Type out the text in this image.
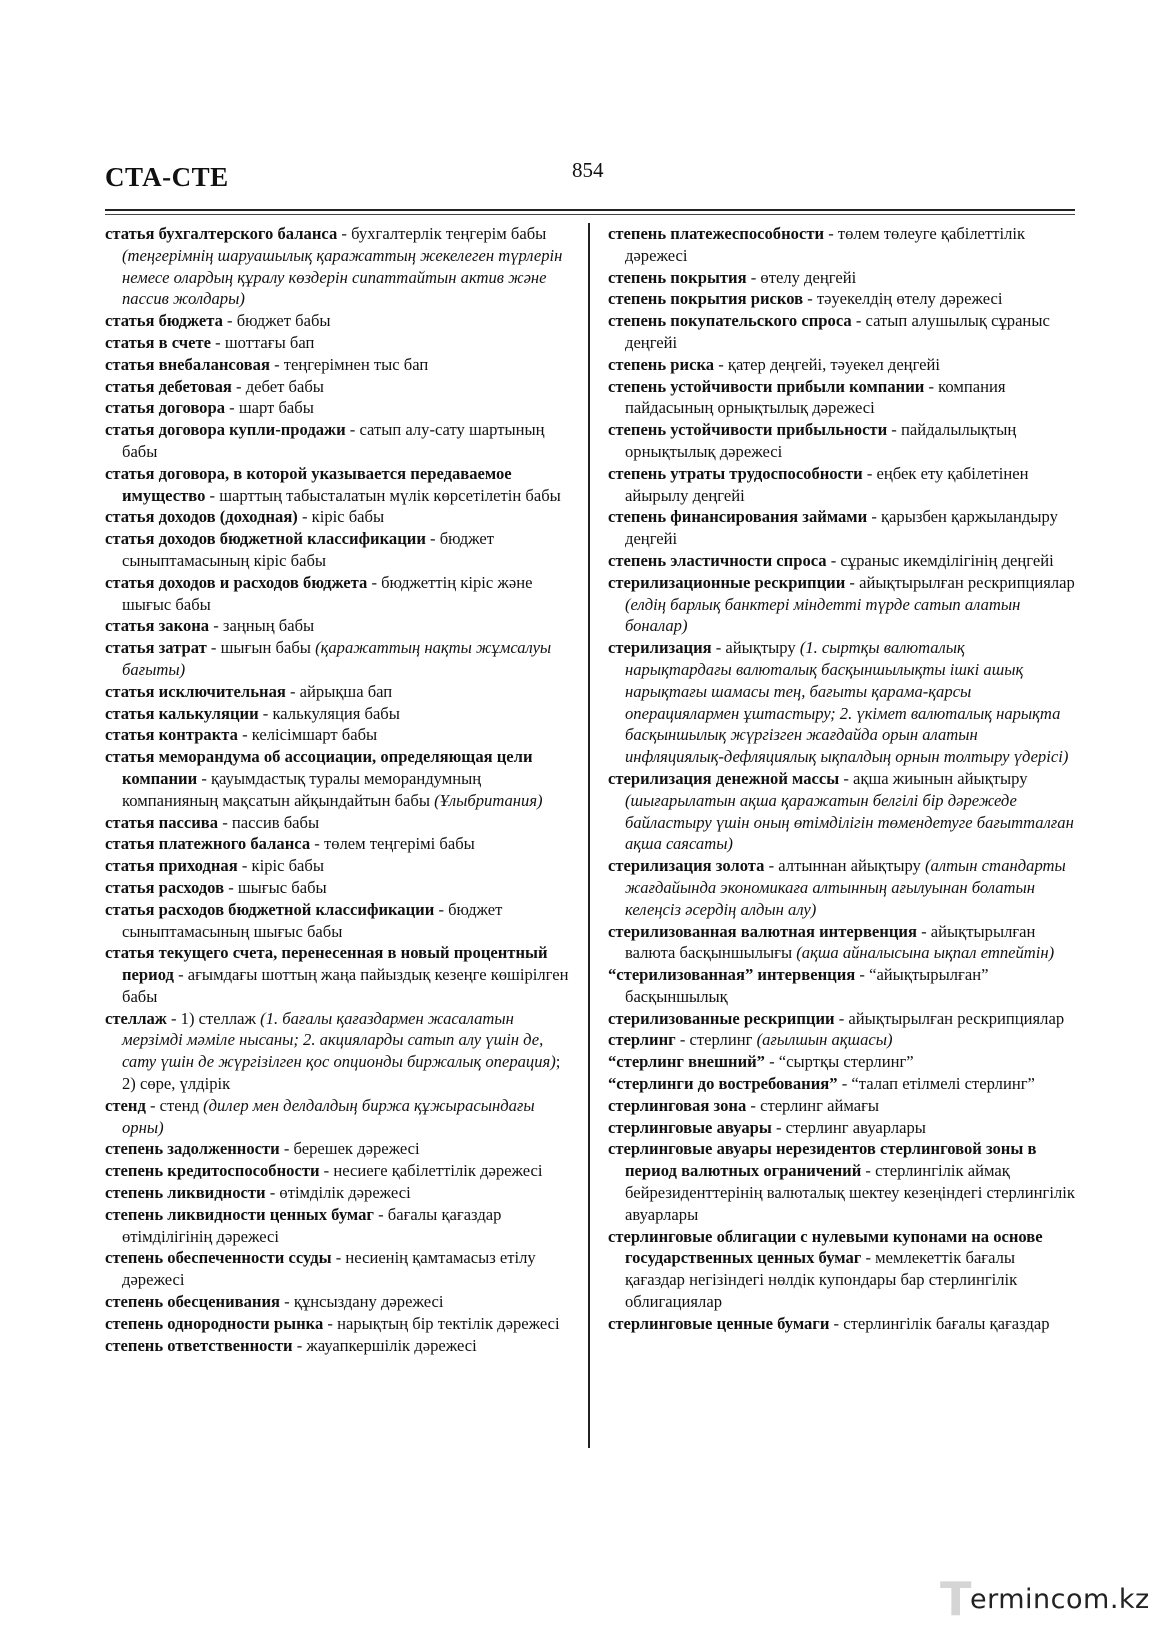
СТА-СТЕ	854

статья бухгалтерского баланса - бухгалтерлік теңгерім бабы (теңгерімнің шаруашылық қаражаттың жекелеген түрлерін немесе олардың құралу көздерін сипаттайтын актив және пассив жолдары)

статья бюджета - бюджет бабы

статья в счете - шоттағы бап

статья внебалансовая - теңгерімнен тыс бап

статья дебетовая - дебет бабы

статья договора - шарт бабы

статья договора купли-продажи - сатып алу-сату шартының бабы

статья договора, в которой указывается передаваемое имущество - шарттың табысталатын мүлік көрсетілетін бабы

статья доходов (доходная) - кіріс бабы

статья доходов бюджетной классификации - бюджет сыныптамасының кіріс бабы

статья доходов и расходов бюджета - бюджеттің кіріс және шығыс бабы

статья закона - заңның бабы

статья затрат - шығын бабы (қаражаттың нақты жұмсалуы бағыты)

статья исключительная - айрықша бап

статья калькуляции - калькуляция бабы

статья контракта - келісімшарт бабы

статья меморандума об ассоциации, определяющая цели компании - қауымдастық туралы меморандумның компанияның мақсатын айқындайтын бабы (Ұлыбритания)

статья пассива - пассив бабы

статья платежного баланса - төлем теңгерімі бабы

статья приходная - кіріс бабы

статья расходов - шығыс бабы

статья расходов бюджетной классификации - бюджет сыныптамасының шығыс бабы

статья текущего счета, перенесенная в новый процентный период - ағымдағы шоттың жаңа пайыздық кезеңге көшірілген бабы

стеллаж - 1) стеллаж (1. бағалы қағаздармен жасалатын мерзімді мәміле нысаны; 2. акцияларды сатып алу үшін де, сату үшін де жүргізілген қос опционды биржалық операция); 2) сөре, үлдірік

стенд - стенд (дилер мен делдалдың биржа құжырасындағы орны)

степень задолженности - берешек дәрежесі

степень кредитоспособности - несиеге қабілеттілік дәрежесі

степень ликвидности - өтімділік дәрежесі

степень ликвидности ценных бумаг - бағалы қағаздар өтімділігінің дәрежесі

степень обеспеченности ссуды - несиенің қамтамасыз етілу дәрежесі

степень обесценивания - құнсыздану дәрежесі

степень однородности рынка - нарықтың бір тектілік дәрежесі

степень ответственности - жауапкершілік дәрежесі

степень платежеспособности - төлем төлеуге қабілеттілік дәрежесі

степень покрытия - өтелу деңгейі

степень покрытия рисков - тәуекелдің өтелу дәрежесі

степень покупательского спроса - сатып алушылық сұраныс деңгейі

степень риска - қатер деңгейі, тәуекел деңгейі

степень устойчивости прибыли компании - компания пайдасының орнықтылық дәрежесі

степень устойчивости прибыльности - пайдалылықтың орнықтылық дәрежесі

степень утраты трудоспособности - еңбек ету қабілетінен айырылу деңгейі

степень финансирования займами - қарызбен қаржыландыру деңгейі

степень эластичности спроса - сұраныс икемділігінің деңгейі

стерилизационные рескрипции - айықтырылған рескрипциялар (елдің барлық банктері міндетті түрде сатып алатын боналар)

стерилизация - айықтыру (1. сыртқы валюталық нарықтардағы валюталық басқыншылықты ішкі ашық нарықтағы шамасы тең, бағыты қарама-қарсы операциялармен ұштастыру; 2. үкімет валюталық нарықта басқыншылық жүргізген жағдайда орын алатын инфляциялық-дефляциялық ықпалдың орнын толтыру үдерісі)

стерилизация денежной массы - ақша жиынын айықтыру (шығарылатын ақша қаражатын белгілі бір дәрежеде байластыру үшін оның өтімділігін төмендетуге бағытталған ақша саясаты)

стерилизация золота - алтыннан айықтыру (алтын стандарты жағдайында экономикаға алтынның ағылуынан болатын келеңсіз әсердің алдын алу)

стерилизованная валютная интервенция - айықтырылған валюта басқыншылығы (ақша айналысына ықпал етпейтін)

“стерилизованная” интервенция - “айықтырылған” басқыншылық

стерилизованные рескрипции - айықтырылған рескрипциялар

стерлинг - стерлинг (ағылшын ақшасы)

“стерлинг внешний” - “сыртқы стерлинг”

“стерлинги до востребования” - “талап етілмелі стерлинг”

стерлинговая зона - стерлинг аймағы

стерлинговые авуары - стерлинг авуарлары

стерлинговые авуары нерезидентов стерлинговой зоны в период валютных ограничений - стерлингілік аймақ бейрезиденттерінің валюталық шектеу кезеңіндегі стерлингілік авуарлары

стерлинговые облигации с нулевыми купонами на основе государственных ценных бумаг - мемлекеттік бағалы қағаздар негізіндегі нөлдік купондары бар стерлингілік облигациялар

стерлинговые ценные бумаги - стерлингілік бағалы қағаздар

T
ermincom.kz
